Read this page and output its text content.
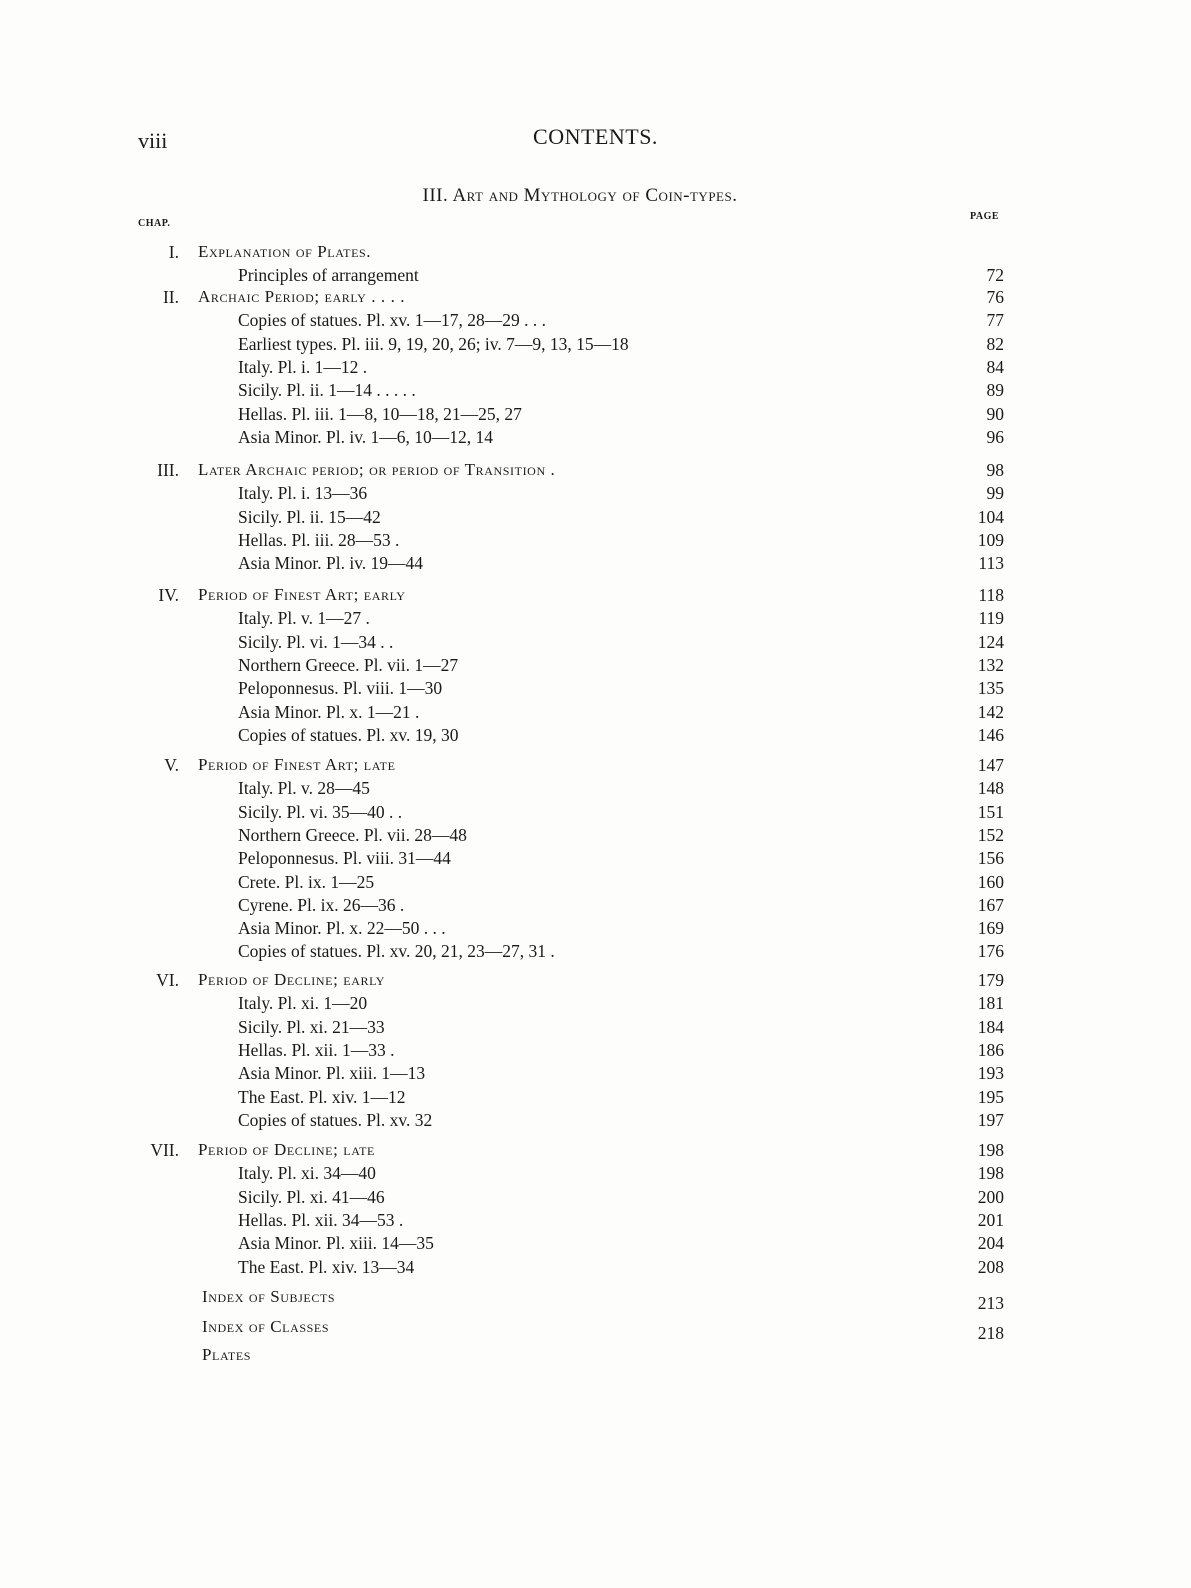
viii	CONTENTS.
III. Art and Mythology of Coin-types.
CHAP.
PAGE
I. Explanation of Plates.
Principles of arrangement	72
II. Archaic Period; early . . . .	76
Copies of statues. Pl. xv. 1—17, 28—29 . . .	77
Earliest types. Pl. iii. 9, 19, 20, 26; iv. 7—9, 13, 15—18	82
Italy. Pl. i. 1—12 .	84
Sicily. Pl. ii. 1—14 . . . . .	89
Hellas. Pl. iii. 1—8, 10—18, 21—25, 27	90
Asia Minor. Pl. iv. 1—6, 10—12, 14	96
III. Later Archaic period; or period of Transition .	98
Italy. Pl. i. 13—36	99
Sicily. Pl. ii. 15—42	104
Hellas. Pl. iii. 28—53 .	109
Asia Minor. Pl. iv. 19—44	113
IV. Period of Finest Art; early	118
Italy. Pl. v. 1—27 .	119
Sicily. Pl. vi. 1—34 . .	124
Northern Greece. Pl. vii. 1—27	132
Peloponnesus. Pl. viii. 1—30	135
Asia Minor. Pl. x. 1—21 .	142
Copies of statues. Pl. xv. 19, 30	146
V. Period of Finest Art; late	147
Italy. Pl. v. 28—45	148
Sicily. Pl. vi. 35—40 . .	151
Northern Greece. Pl. vii. 28—48	152
Peloponnesus. Pl. viii. 31—44	156
Crete. Pl. ix. 1—25	160
Cyrene. Pl. ix. 26—36 .	167
Asia Minor. Pl. x. 22—50 . . .	169
Copies of statues. Pl. xv. 20, 21, 23—27, 31 .	176
VI. Period of Decline; early	179
Italy. Pl. xi. 1—20	181
Sicily. Pl. xi. 21—33	184
Hellas. Pl. xii. 1—33 .	186
Asia Minor. Pl. xiii. 1—13	193
The East. Pl. xiv. 1—12	195
Copies of statues. Pl. xv. 32	197
VII. Period of Decline; late	198
Italy. Pl. xi. 34—40	198
Sicily. Pl. xi. 41—46	200
Hellas. Pl. xii. 34—53 .	201
Asia Minor. Pl. xiii. 14—35	204
The East. Pl. xiv. 13—34	208
Index of Subjects	213
Index of Classes	218
Plates
